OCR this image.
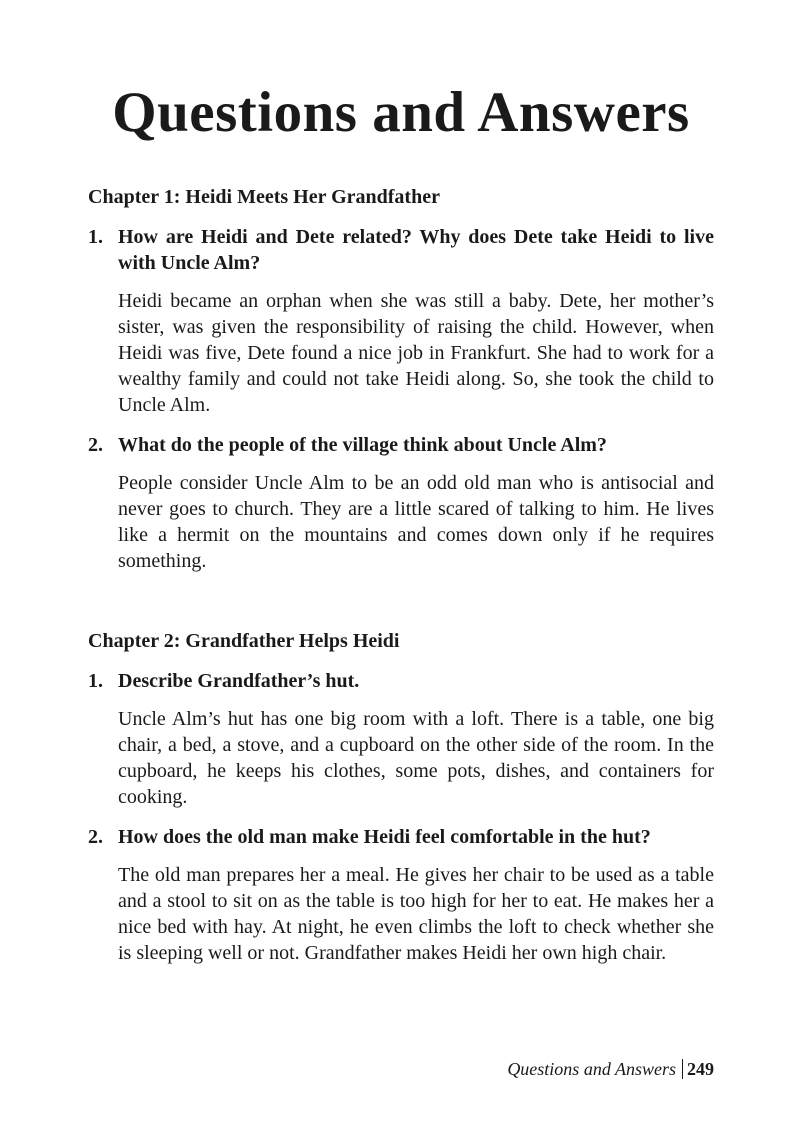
Questions and Answers
Chapter 1: Heidi Meets Her Grandfather
1. How are Heidi and Dete related? Why does Dete take Heidi to live with Uncle Alm?

Heidi became an orphan when she was still a baby. Dete, her mother’s sister, was given the responsibility of raising the child. However, when Heidi was five, Dete found a nice job in Frankfurt. She had to work for a wealthy family and could not take Heidi along. So, she took the child to Uncle Alm.

2. What do the people of the village think about Uncle Alm?

People consider Uncle Alm to be an odd old man who is antisocial and never goes to church. They are a little scared of talking to him. He lives like a hermit on the mountains and comes down only if he requires something.

Chapter 2: Grandfather Helps Heidi
1. Describe Grandfather’s hut.

Uncle Alm’s hut has one big room with a loft. There is a table, one big chair, a bed, a stove, and a cupboard on the other side of the room. In the cupboard, he keeps his clothes, some pots, dishes, and containers for cooking.

2. How does the old man make Heidi feel comfortable in the hut?

The old man prepares her a meal. He gives her chair to be used as a table and a stool to sit on as the table is too high for her to eat. He makes her a nice bed with hay. At night, he even climbs the loft to check whether she is sleeping well or not. Grandfather makes Heidi her own high chair.

Questions and Answers 249
